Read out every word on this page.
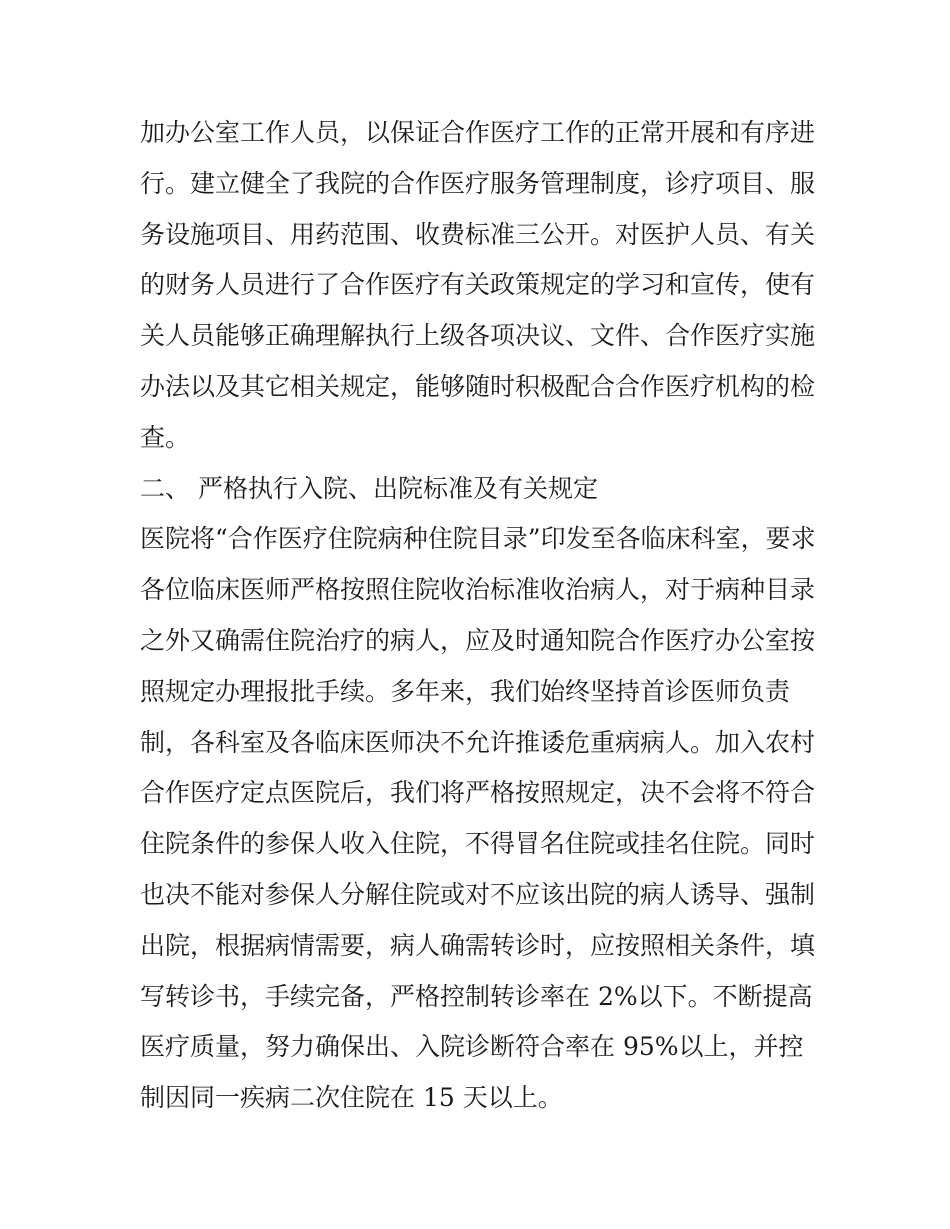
加办公室工作人员，以保证合作医疗工作的正常开展和有序进
行。建立健全了我院的合作医疗服务管理制度，诊疗项目、服
务设施项目、用药范围、收费标准三公开。对医护人员、有关
的财务人员进行了合作医疗有关政策规定的学习和宣传，使有
关人员能够正确理解执行上级各项决议、文件、合作医疗实施
办法以及其它相关规定，能够随时积极配合合作医疗机构的检
查。
二、 严格执行入院、出院标准及有关规定
医院将“合作医疗住院病种住院目录”印发至各临床科室，要求
各位临床医师严格按照住院收治标准收治病人，对于病种目录
之外又确需住院治疗的病人，应及时通知院合作医疗办公室按
照规定办理报批手续。多年来，我们始终坚持首诊医师负责
制，各科室及各临床医师决不允许推诿危重病病人。加入农村
合作医疗定点医院后，我们将严格按照规定，决不会将不符合
住院条件的参保人收入住院，不得冒名住院或挂名住院。同时
也决不能对参保人分解住院或对不应该出院的病人诱导、强制
出院，根据病情需要，病人确需转诊时，应按照相关条件，填
写转诊书，手续完备，严格控制转诊率在 2%以下。不断提高
医疗质量，努力确保出、入院诊断符合率在 95%以上，并控
制因同一疾病二次住院在 15 天以上。
